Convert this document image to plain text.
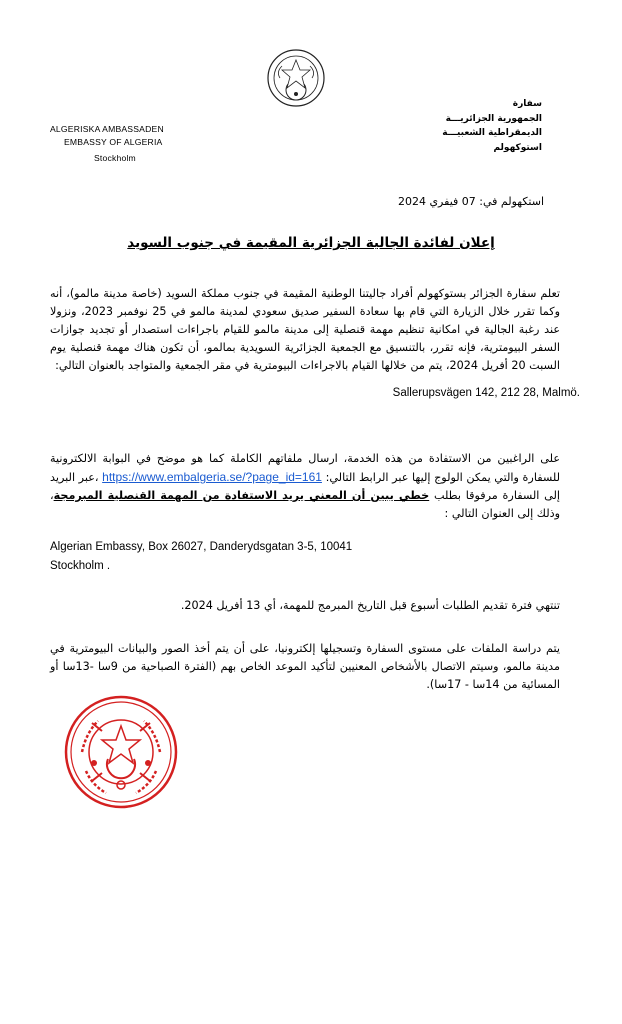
ALGERISKA AMBASSADEN
EMBASSY OF ALGERIA
Stockholm
سفارة
الجمهورية الجزائريـــة
الديمقراطية الشعبيـــة
استوكهولم
استكهولم في: 07 فيفري 2024
إعلان لفائدة الجالية الجزائرية المقيمة في جنوب السويد
تعلم سفارة الجزائر بستوكهولم أفراد جاليتنا الوطنية المقيمة في جنوب مملكة السويد (خاصة مدينة مالمو)، أنه وكما تقرر خلال الزيارة التي قام بها سعادة السفير صديق سعودي لمدينة مالمو في 25 نوفمبر 2023، ونزولا عند رغبة الجالية في امكانية تنظيم مهمة قنصلية إلى مدينة مالمو للقيام باجراءات استصدار أو تجديد جوازات السفر البيومترية، فإنه تقرر، بالتنسيق مع الجمعية الجزائرية السويدية بمالمو، أن تكون هناك مهمة قنصلية يوم السبت 20 أفريل 2024، يتم من خلالها القيام بالاجراءات البيومترية في مقر الجمعية والمتواجد بالعنوان التالي:
Sallerupsvägen 142, 212 28, Malmö.
على الراغبين من الاستفادة من هذه الخدمة، ارسال ملفاتهم الكاملة كما هو موضح في البوابة الالكترونية للسفارة والتي يمكن الولوج إليها عبر الرابط التالي: https://www.embalgeria.se/?page_id=161 ،عبر البريد إلى السفارة مرفوقا بطلب خطي يبين أن المعني يريد الاستفادة من المهمة القنصلية المبرمجة، وذلك إلى العنوان التالي :
Algerian Embassy, Box 26027, Danderydsgatan 3-5, 10041
Stockholm .
تنتهي فترة تقديم الطلبات أسبوع قبل التاريخ المبرمج للمهمة، أي 13 أفريل 2024.
يتم دراسة الملفات على مستوى السفارة وتسجيلها إلكترونيا، على أن يتم أخذ الصور والبيانات البيومترية في مدينة مالمو، وسيتم الاتصال بالأشخاص المعنيين لتأكيد الموعد الخاص بهم (الفترة الصباحية من 9سا -13سا أو المسائية من 14سا - 17سا).
